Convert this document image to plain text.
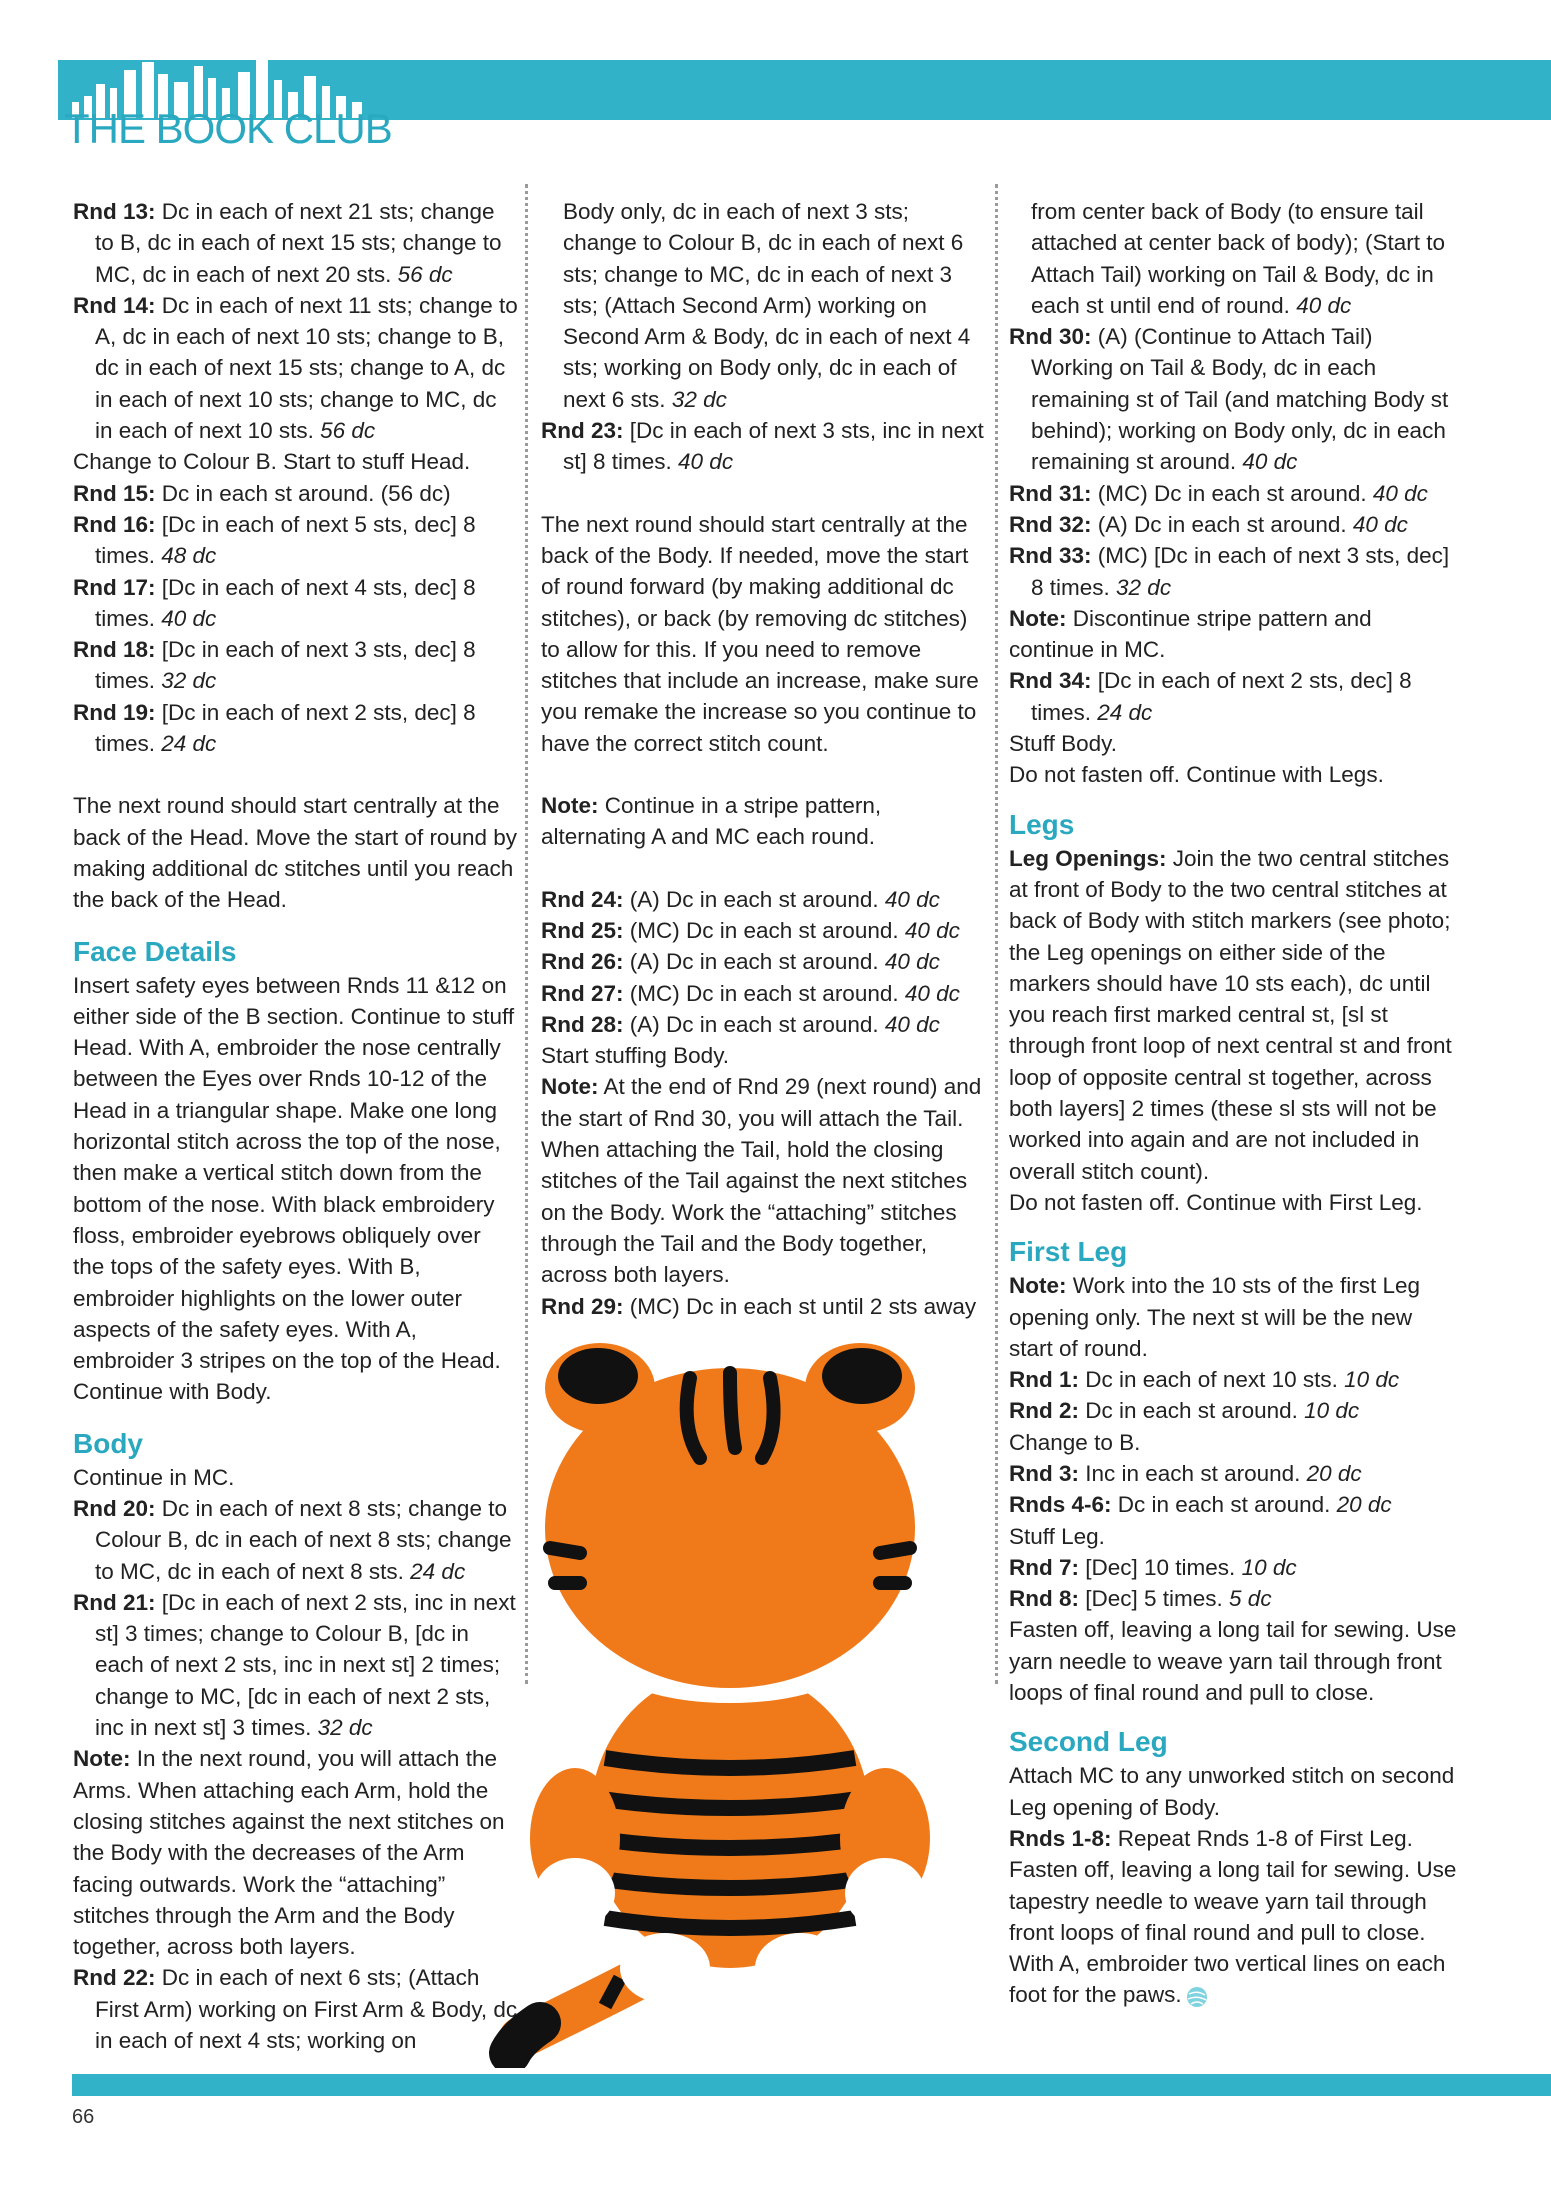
THE BOOK CLUB

Rnd 13: Dc in each of next 21 sts; change to B, dc in each of next 15 sts; change to MC, dc in each of next 20 sts. 56 dc

Rnd 14: Dc in each of next 11 sts; change to A, dc in each of next 10 sts; change to B, dc in each of next 15 sts; change to A, dc in each of next 10 sts; change to MC, dc in each of next 10 sts. 56 dc

Change to Colour B. Start to stuff Head.

Rnd 15: Dc in each st around. (56 dc)

Rnd 16: [Dc in each of next 5 sts, dec] 8 times. 48 dc

Rnd 17: [Dc in each of next 4 sts, dec] 8 times. 40 dc

Rnd 18: [Dc in each of next 3 sts, dec] 8 times. 32 dc

Rnd 19: [Dc in each of next 2 sts, dec] 8 times. 24 dc

The next round should start centrally at the back of the Head. Move the start of round by making additional dc stitches until you reach the back of the Head.

Face Details

Insert safety eyes between Rnds 11 &12 on either side of the B section. Continue to stuff Head. With A, embroider the nose centrally between the Eyes over Rnds 10-12 of the Head in a triangular shape. Make one long horizontal stitch across the top of the nose, then make a vertical stitch down from the bottom of the nose. With black embroidery floss, embroider eyebrows obliquely over the tops of the safety eyes. With B, embroider highlights on the lower outer aspects of the safety eyes. With A, embroider 3 stripes on the top of the Head. Continue with Body.

Body

Continue in MC.

Rnd 20: Dc in each of next 8 sts; change to Colour B, dc in each of next 8 sts; change to MC, dc in each of next 8 sts. 24 dc

Rnd 21: [Dc in each of next 2 sts, inc in next st] 3 times; change to Colour B, [dc in each of next 2 sts, inc in next st] 2 times; change to MC, [dc in each of next 2 sts, inc in next st] 3 times. 32 dc

Note: In the next round, you will attach the Arms. When attaching each Arm, hold the closing stitches against the next stitches on the Body with the decreases of the Arm facing outwards. Work the “attaching” stitches through the Arm and the Body together, across both layers.

Rnd 22: Dc in each of next 6 sts; (Attach First Arm) working on First Arm & Body, dc in each of next 4 sts; working on

Body only, dc in each of next 3 sts; change to Colour B, dc in each of next 6 sts; change to MC, dc in each of next 3 sts; (Attach Second Arm) working on Second Arm & Body, dc in each of next 4 sts; working on Body only, dc in each of next 6 sts. 32 dc

Rnd 23: [Dc in each of next 3 sts, inc in next st] 8 times. 40 dc

The next round should start centrally at the back of the Body. If needed, move the start of round forward (by making additional dc stitches), or back (by removing dc stitches) to allow for this. If you need to remove stitches that include an increase, make sure you remake the increase so you continue to have the correct stitch count.

Note: Continue in a stripe pattern, alternating A and MC each round.

Rnd 24: (A) Dc in each st around. 40 dc

Rnd 25: (MC) Dc in each st around. 40 dc

Rnd 26: (A) Dc in each st around. 40 dc

Rnd 27: (MC) Dc in each st around. 40 dc

Rnd 28: (A) Dc in each st around. 40 dc

Start stuffing Body.

Note: At the end of Rnd 29 (next round) and the start of Rnd 30, you will attach the Tail. When attaching the Tail, hold the closing stitches of the Tail against the next stitches on the Body. Work the “attaching” stitches through the Tail and the Body together, across both layers.

Rnd 29: (MC) Dc in each st until 2 sts away

from center back of Body (to ensure tail attached at center back of body); (Start to Attach Tail) working on Tail & Body, dc in each st until end of round. 40 dc

Rnd 30: (A) (Continue to Attach Tail) Working on Tail & Body, dc in each remaining st of Tail (and matching Body st behind); working on Body only, dc in each remaining st around. 40 dc

Rnd 31: (MC) Dc in each st around. 40 dc

Rnd 32: (A) Dc in each st around. 40 dc

Rnd 33: (MC) [Dc in each of next 3 sts, dec] 8 times. 32 dc

Note: Discontinue stripe pattern and continue in MC.

Rnd 34: [Dc in each of next 2 sts, dec] 8 times. 24 dc

Stuff Body.

Do not fasten off. Continue with Legs.

Legs

Leg Openings: Join the two central stitches at front of Body to the two central stitches at back of Body with stitch markers (see photo; the Leg openings on either side of the markers should have 10 sts each), dc until you reach first marked central st, [sl st through front loop of next central st and front loop of opposite central st together, across both layers] 2 times (these sl sts will not be worked into again and are not included in overall stitch count).

Do not fasten off. Continue with First Leg.

First Leg

Note: Work into the 10 sts of the first Leg opening only. The next st will be the new start of round.

Rnd 1: Dc in each of next 10 sts. 10 dc

Rnd 2: Dc in each st around. 10 dc

Change to B.

Rnd 3: Inc in each st around. 20 dc

Rnds 4-6: Dc in each st around. 20 dc

Stuff Leg.

Rnd 7: [Dec] 10 times. 10 dc

Rnd 8: [Dec] 5 times. 5 dc

Fasten off, leaving a long tail for sewing. Use yarn needle to weave yarn tail through front loops of final round and pull to close.

Second Leg

Attach MC to any unworked stitch on second Leg opening of Body.

Rnds 1-8: Repeat Rnds 1-8 of First Leg.

Fasten off, leaving a long tail for sewing. Use tapestry needle to weave yarn tail through front loops of final round and pull to close. With A, embroider two vertical lines on each foot for the paws.

66
